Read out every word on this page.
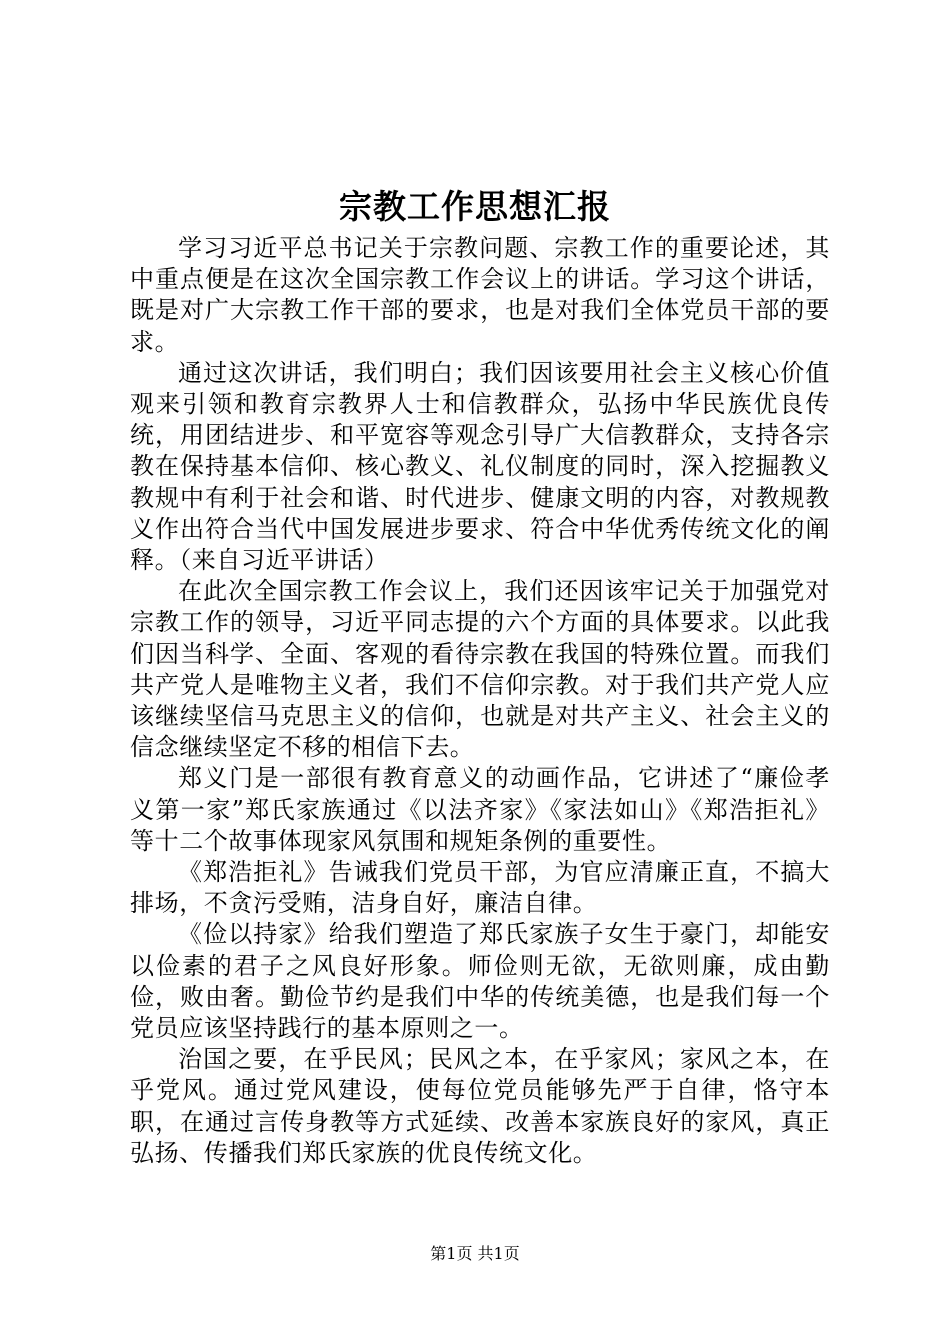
宗教工作思想汇报

学习习近平总书记关于宗教问题、宗教工作的重要论述，其中重点便是在这次全国宗教工作会议上的讲话。学习这个讲话，既是对广大宗教工作干部的要求，也是对我们全体党员干部的要求。

通过这次讲话，我们明白；我们因该要用社会主义核心价值观来引领和教育宗教界人士和信教群众，弘扬中华民族优良传统，用团结进步、和平宽容等观念引导广大信教群众，支持各宗教在保持基本信仰、核心教义、礼仪制度的同时，深入挖掘教义教规中有利于社会和谐、时代进步、健康文明的内容，对教规教义作出符合当代中国发展进步要求、符合中华优秀传统文化的阐释。（来自习近平讲话）

在此次全国宗教工作会议上，我们还因该牢记关于加强党对宗教工作的领导，习近平同志提的六个方面的具体要求。以此我们因当科学、全面、客观的看待宗教在我国的特殊位置。而我们共产党人是唯物主义者，我们不信仰宗教。对于我们共产党人应该继续坚信马克思主义的信仰，也就是对共产主义、社会主义的信念继续坚定不移的相信下去。

郑义门是一部很有教育意义的动画作品，它讲述了“廉俭孝义第一家”郑氏家族通过《以法齐家》《家法如山》《郑浩拒礼》等十二个故事体现家风氛围和规矩条例的重要性。

《郑浩拒礼》告诫我们党员干部，为官应清廉正直，不搞大排场，不贪污受贿，洁身自好，廉洁自律。

《俭以持家》给我们塑造了郑氏家族子女生于豪门，却能安以俭素的君子之风良好形象。师俭则无欲，无欲则廉，成由勤俭，败由奢。勤俭节约是我们中华的传统美德，也是我们每一个党员应该坚持践行的基本原则之一。

治国之要，在乎民风；民风之本，在乎家风；家风之本，在乎党风。通过党风建设，使每位党员能够先严于自律，恪守本职，在通过言传身教等方式延续、改善本家族良好的家风，真正弘扬、传播我们郑氏家族的优良传统文化。

第1页 共1页
